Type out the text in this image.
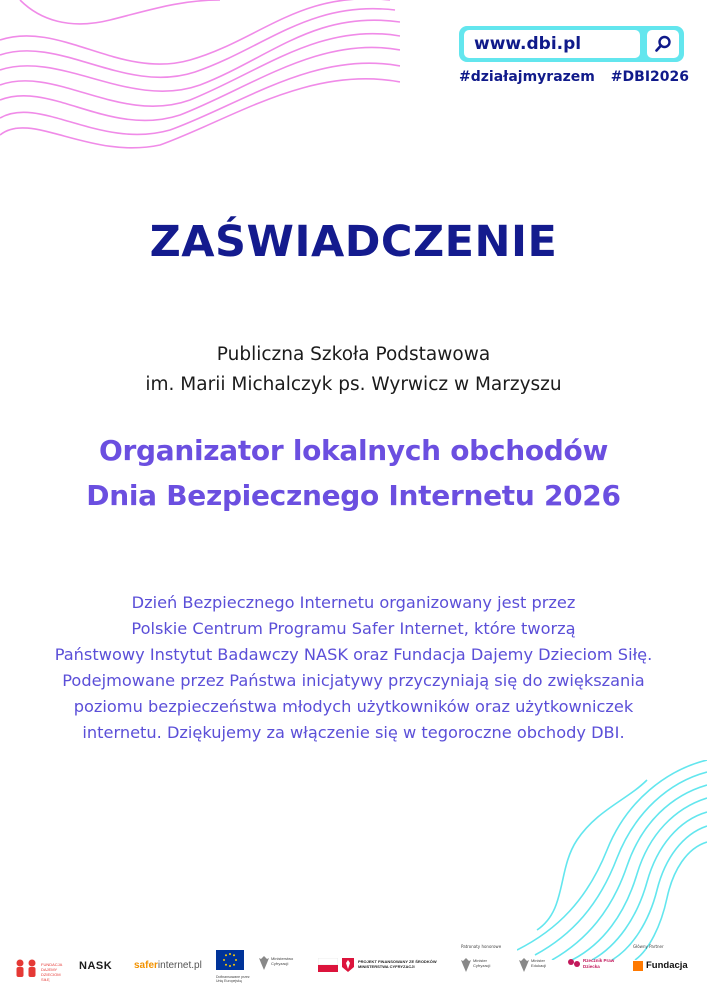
www.dbi.pl
#działajmyrazem #DBI2026
ZAŚWIADCZENIE
Publiczna Szkoła Podstawowa
im. Marii Michalczyk ps. Wyrwicz w Marzyszu
Organizator lokalnych obchodów
Dnia Bezpiecznego Internetu 2026
Dzień Bezpiecznego Internetu organizowany jest przez
Polskie Centrum Programu Safer Internet, które tworzą
Państwowy Instytut Badawczy NASK oraz Fundacja Dajemy Dzieciom Siłę.
Podejmowane przez Państwa inicjatywy przyczyniają się do zwiększania
poziomu bezpieczeństwa młodych użytkowników oraz użytkowniczek
internetu. Dziękujemy za włączenie się w tegoroczne obchody DBI.
FUNDACJA DAJEMY DZIECIOM SIŁĘ
NASK saferinternet.pl
Dofinansowane przez Unię Europejską
Ministerstwo Cyfryzacji	PROJEKT FINANSOWANY ZE ŚRODKÓW MINISTERSTWA CYFRYZACJI
Patronaty honorowe
Minister Cyfryzacji
Minister Edukacji
Rzecznik Praw Dziecka
Główny Partner
Fundacja
